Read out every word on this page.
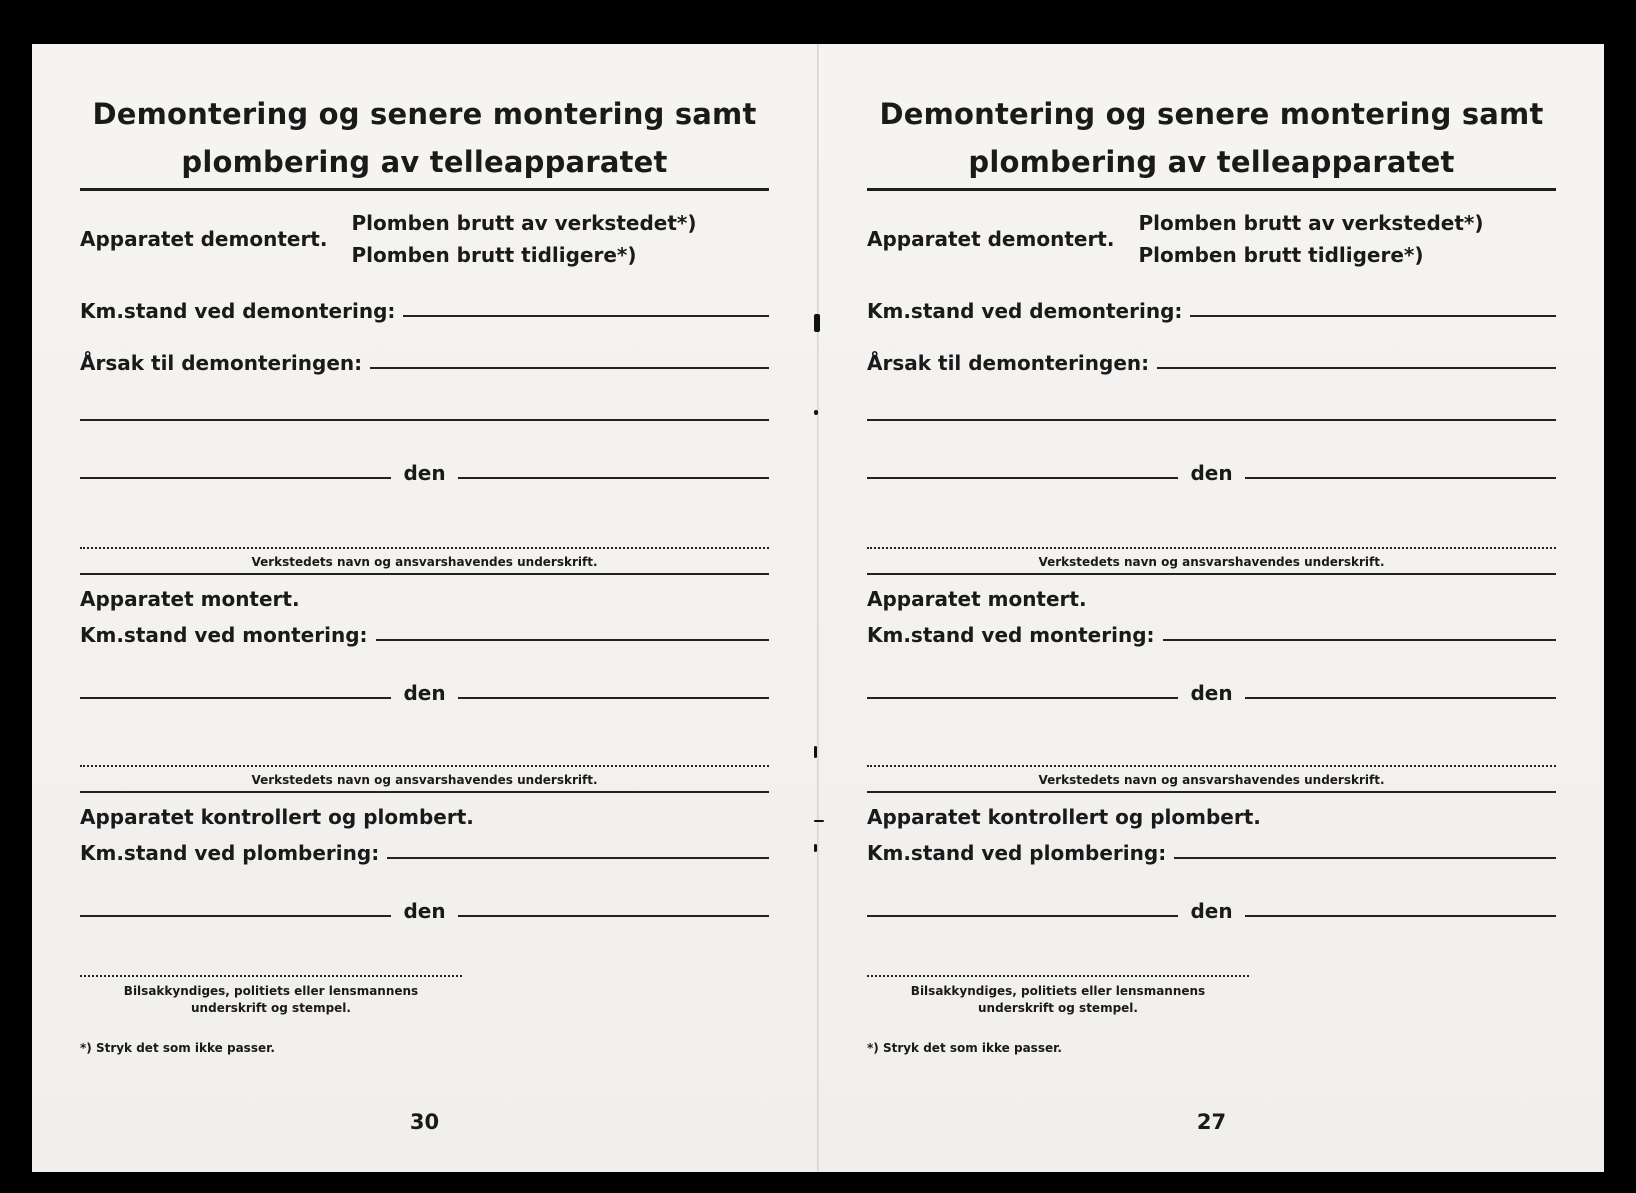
Demontering og senere montering samt
plombering av telleapparatet
Apparatet demontert.
Plomben brutt av verkstedet*)
Plomben brutt tidligere*)
Km.stand ved demontering:
Årsak til demonteringen:
den
Verkstedets navn og ansvarshavendes underskrift.
Apparatet montert.
Km.stand ved montering:
den
Verkstedets navn og ansvarshavendes underskrift.
Apparatet kontrollert og plombert.
Km.stand ved plombering:
den
Bilsakkyndiges, politiets eller lensmannens
underskrift og stempel.
*) Stryk det som ikke passer.
30
Demontering og senere montering samt
plombering av telleapparatet
Apparatet demontert.
Plomben brutt av verkstedet*)
Plomben brutt tidligere*)
Km.stand ved demontering:
Årsak til demonteringen:
den
Verkstedets navn og ansvarshavendes underskrift.
Apparatet montert.
Km.stand ved montering:
den
Verkstedets navn og ansvarshavendes underskrift.
Apparatet kontrollert og plombert.
Km.stand ved plombering:
den
Bilsakkyndiges, politiets eller lensmannens
underskrift og stempel.
*) Stryk det som ikke passer.
27
